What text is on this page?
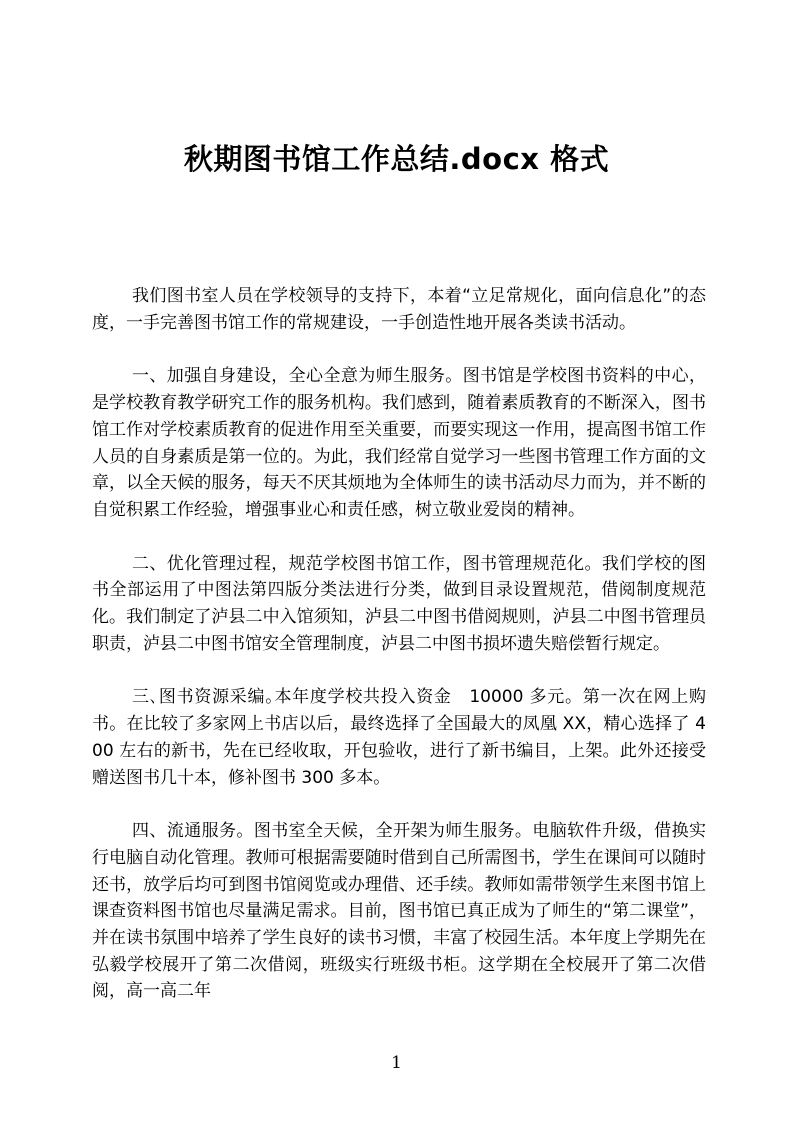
秋期图书馆工作总结.docx 格式

我们图书室人员在学校领导的支持下，本着“立足常规化，面向信息化”的态度，一手完善图书馆工作的常规建设，一手创造性地开展各类读书活动。

一、加强自身建设，全心全意为师生服务。图书馆是学校图书资料的中心，是学校教育教学研究工作的服务机构。我们感到，随着素质教育的不断深入，图书馆工作对学校素质教育的促进作用至关重要，而要实现这一作用，提高图书馆工作人员的自身素质是第一位的。为此，我们经常自觉学习一些图书管理工作方面的文章，以全天候的服务，每天不厌其烦地为全体师生的读书活动尽力而为，并不断的自觉积累工作经验，增强事业心和责任感，树立敬业爱岗的精神。

二、优化管理过程，规范学校图书馆工作，图书管理规范化。我们学校的图书全部运用了中图法第四版分类法进行分类，做到目录设置规范，借阅制度规范化。我们制定了泸县二中入馆须知，泸县二中图书借阅规则，泸县二中图书管理员职责，泸县二中图书馆安全管理制度，泸县二中图书损坏遗失赔偿暂行规定。

三､图书资源采编｡本年度学校共投入资金　10000 多元。第一次在网上购书。在比较了多家网上书店以后，最终选择了全国最大的凤凰 XX，精心选择了 400 左右的新书，先在已经收取，开包验收，进行了新书编目，上架。此外还接受赠送图书几十本，修补图书 300 多本。

四、流通服务。图书室全天候，全开架为师生服务。电脑软件升级，借换实行电脑自动化管理。教师可根据需要随时借到自己所需图书，学生在课间可以随时还书，放学后均可到图书馆阅览或办理借、还手续。教师如需带领学生来图书馆上课查资料图书馆也尽量满足需求。目前，图书馆已真正成为了师生的“第二课堂”，并在读书氛围中培养了学生良好的读书习惯，丰富了校园生活。本年度上学期先在弘毅学校展开了第二次借阅，班级实行班级书柜。这学期在全校展开了第二次借阅，高一高二年

1
